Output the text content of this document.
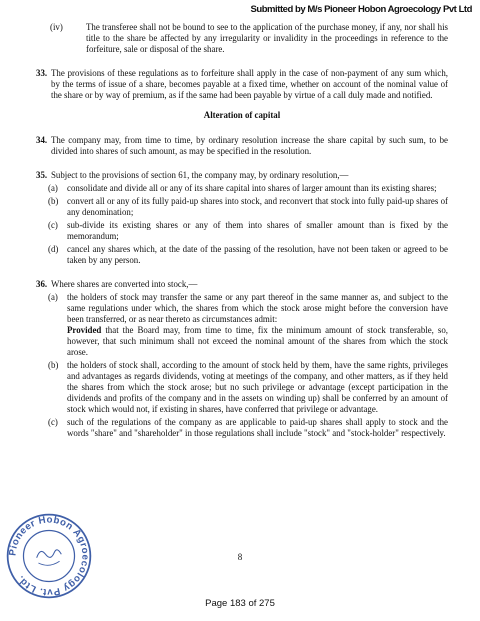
Submitted by M/s Pioneer Hobon Agroecology Pvt Ltd
(iv)	The transferee shall not be bound to see to the application of the purchase money, if any, nor shall his title to the share be affected by any irregularity or invalidity in the proceedings in reference to the forfeiture, sale or disposal of the share.
33. The provisions of these regulations as to forfeiture shall apply in the case of non-payment of any sum which, by the terms of issue of a share, becomes payable at a fixed time, whether on account of the nominal value of the share or by way of premium, as if the same had been payable by virtue of a call duly made and notified.
Alteration of capital
34. The company may, from time to time, by ordinary resolution increase the share capital by such sum, to be divided into shares of such amount, as may be specified in the resolution.
35. Subject to the provisions of section 61, the company may, by ordinary resolution,—
(a)	consolidate and divide all or any of its share capital into shares of larger amount than its existing shares;
(b) convert all or any of its fully paid-up shares into stock, and reconvert that stock into fully paid-up shares of any denomination;
(c)	sub-divide its existing shares or any of them into shares of smaller amount than is fixed by the memorandum;
(d) cancel any shares which, at the date of the passing of the resolution, have not been taken or agreed to be taken by any person.
36. Where shares are converted into stock,—
(a)	the holders of stock may transfer the same or any part thereof in the same manner as, and subject to the same regulations under which, the shares from which the stock arose might before the conversion have been transferred, or as near thereto as circumstances admit:

Provided that the Board may, from time to time, fix the minimum amount of stock transferable, so, however, that such minimum shall not exceed the nominal amount of the shares from which the stock arose.

(b) the holders of stock shall, according to the amount of stock held by them, have the same rights, privileges and advantages as regards dividends, voting at meetings of the company, and other matters, as if they held the shares from which the stock arose; but no such privilege or advantage (except participation in the dividends and profits of the company and in the assets on winding up) shall be conferred by an amount of stock which would not, if existing in shares, have conferred that privilege or advantage.
(c)	such of the regulations of the company as are applicable to paid-up shares shall apply to stock and the words "share" and "shareholder" in those regulations shall include "stock" and "stock-holder" respectively.
Pioneer Hobon Agroecology Pvt. Ltd.
8
Page 183 of 275
